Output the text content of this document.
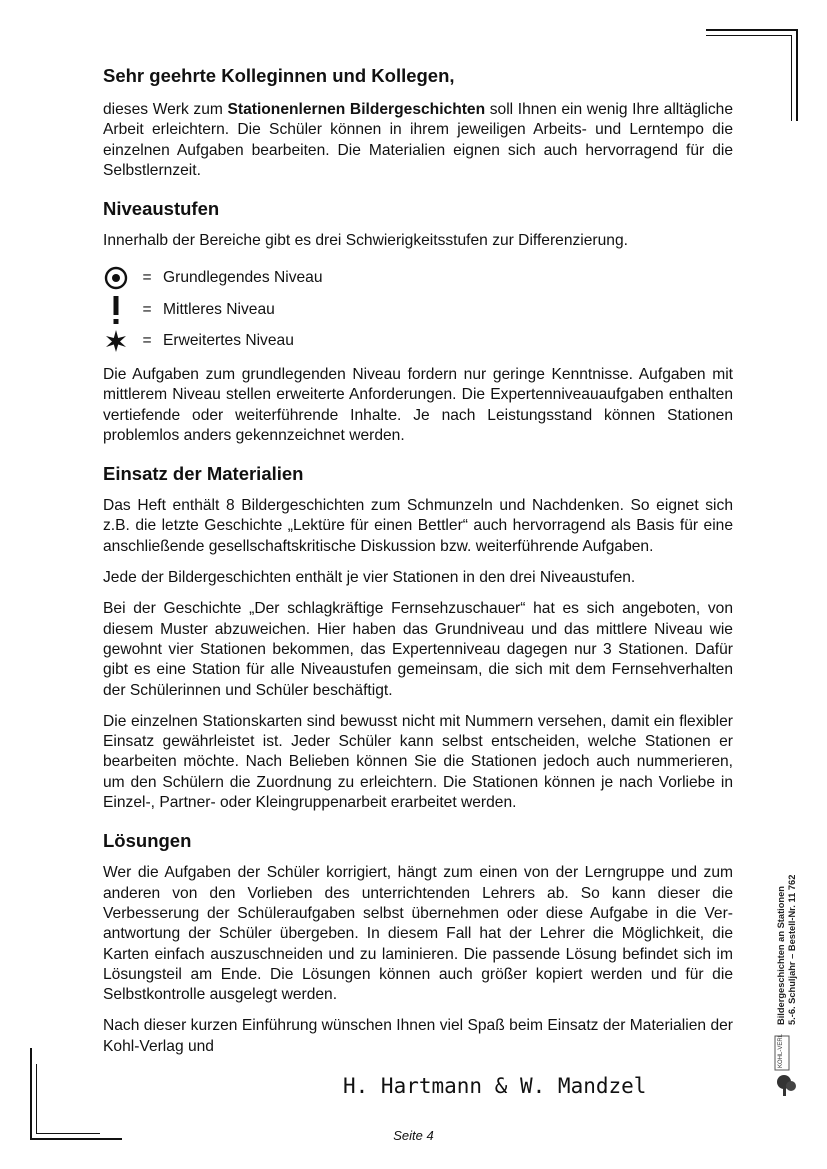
Sehr geehrte Kolleginnen und Kollegen,

dieses Werk zum Stationenlernen Bildergeschichten soll Ihnen ein wenig Ihre alltägliche Arbeit erleichtern. Die Schüler können in ihrem jeweiligen Arbeits- und Lerntempo die einzelnen Aufgaben bearbeiten. Die Materialien eignen sich auch hervorragend für die Selbstlernzeit.

Niveaustufen

Innerhalb der Bereiche gibt es drei Schwierigkeitsstufen zur Differenzierung.

= Grundlegendes Niveau
= Mittleres Niveau
= Erweitertes Niveau

Die Aufgaben zum grundlegenden Niveau fordern nur geringe Kenntnisse. Aufgaben mit mittlerem Niveau stellen erweiterte Anforderungen. Die Expertenniveauaufgaben enthalten vertiefende oder weiterführende Inhalte. Je nach Leistungsstand können Stationen problemlos anders gekennzeichnet werden.

Einsatz der Materialien

Das Heft enthält 8 Bildergeschichten zum Schmunzeln und Nachdenken. So eignet sich z.B. die letzte Geschichte „Lektüre für einen Bettler“ auch hervorragend als Basis für eine anschließende gesellschaftskritische Diskussion bzw. weiterführende Aufgaben.

Jede der Bildergeschichten enthält je vier Stationen in den drei Niveaustufen.

Bei der Geschichte „Der schlagkräftige Fernsehzuschauer“ hat es sich angeboten, von diesem Muster abzuweichen. Hier haben das Grundniveau und das mittlere Niveau wie gewohnt vier Stationen bekommen, das Expertenniveau dagegen nur 3 Stationen. Dafür gibt es eine Station für alle Niveaustufen gemeinsam, die sich mit dem Fernsehverhalten der Schülerinnen und Schüler beschäftigt.

Die einzelnen Stationskarten sind bewusst nicht mit Nummern versehen, damit ein flexibler Einsatz gewährleistet ist. Jeder Schüler kann selbst entscheiden, welche Stationen er bearbeiten möchte. Nach Belieben können Sie die Stationen jedoch auch nummerieren, um den Schülern die Zuordnung zu erleichtern. Die Stationen können je nach Vorliebe in Einzel-, Partner- oder Kleingruppenarbeit erarbeitet werden.

Lösungen

Wer die Aufgaben der Schüler korrigiert, hängt zum einen von der Lerngruppe und zum anderen von den Vorlieben des unterrichtenden Lehrers ab. So kann dieser die Verbesserung der Schüleraufgaben selbst übernehmen oder diese Aufgabe in die Verantwortung der Schüler übergeben. In diesem Fall hat der Lehrer die Möglichkeit, die Karten einfach auszuschneiden und zu laminieren. Die passende Lösung befindet sich im Lösungsteil am Ende. Die Lösungen können auch größer kopiert werden und für die Selbstkontrolle ausgelegt werden.

Nach dieser kurzen Einführung wünschen Ihnen viel Spaß beim Einsatz der Materialien der Kohl-Verlag und

H. Hartmann & W. Mandzel
Seite 4
Bildergeschichten an Stationen 5.-6. Schuljahr – Bestell-Nr. 11 762
KOHL-VERLAG
